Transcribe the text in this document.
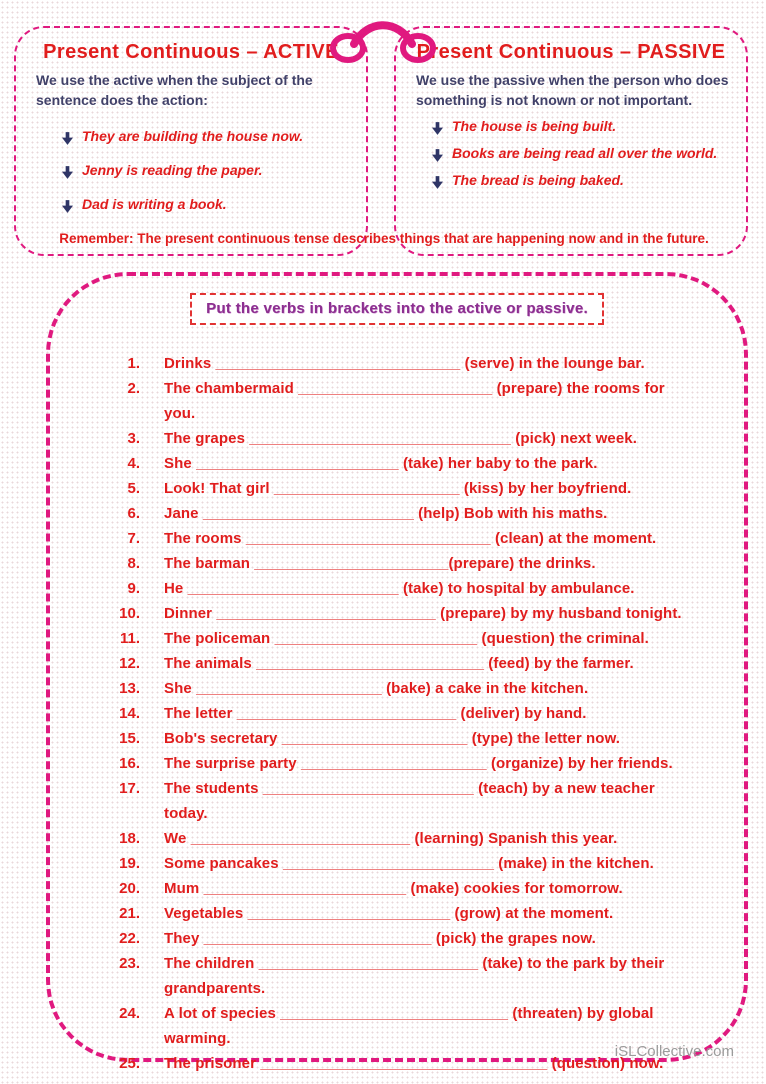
Present Continuous – ACTIVE
We use the active when the subject of the sentence does the action:
They are building the house now.
Jenny is reading the paper.
Dad is writing a book.
Present Continuous – PASSIVE
We use the passive when the person who does something is not known or not important.
The house is being built.
Books are being read all over the world.
The bread is being baked.
Remember: The present continuous tense describes things that are happening now and in the future.
Put the verbs in brackets into the active or passive.
1. Drinks _____________________________ (serve) in the lounge bar.
2. The chambermaid _______________________ (prepare) the rooms for you.
3. The grapes _______________________________ (pick) next week.
4. She ________________________ (take) her baby to the park.
5. Look! That girl ______________________ (kiss) by her boyfriend.
6. Jane _________________________ (help) Bob with his maths.
7. The rooms _____________________________ (clean) at the moment.
8. The barman _______________________(prepare) the drinks.
9. He _________________________ (take) to hospital by ambulance.
10. Dinner __________________________ (prepare) by my husband tonight.
11. The policeman ________________________ (question) the criminal.
12. The animals ___________________________ (feed) by the farmer.
13. She ______________________ (bake) a cake in the kitchen.
14. The letter __________________________ (deliver) by hand.
15. Bob's secretary ______________________ (type) the letter now.
16. The surprise party ______________________ (organize) by her friends.
17. The students _________________________ (teach) by a new teacher today.
18. We __________________________ (learning) Spanish this year.
19. Some pancakes _________________________ (make) in the kitchen.
20. Mum ________________________ (make) cookies for tomorrow.
21. Vegetables ________________________ (grow) at the moment.
22. They ___________________________ (pick) the grapes now.
23. The children __________________________ (take) to the park by their grandparents.
24. A lot of species ___________________________ (threaten) by global warming.
25. The prisoner __________________________________ (question) now.
iSLCollective.com
